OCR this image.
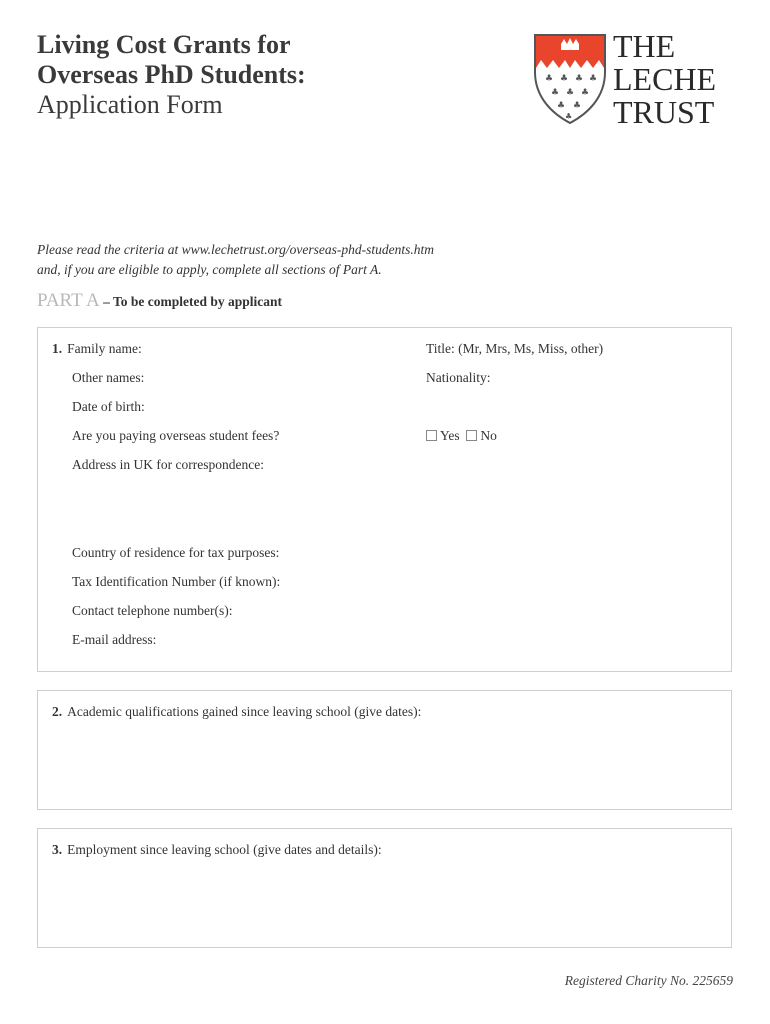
Living Cost Grants for
Overseas PhD Students:
Application Form
♣ ♣ ♣ ♣
♣ ♣ ♣
♣ ♣
♣
THE
LECHE
TRUST
Please read the criteria at www.lechetrust.org/overseas-phd-students.htm
and, if you are eligible to apply, complete all sections of Part A.
PART A – To be completed by applicant
1. Family name:	Title: (Mr, Mrs, Ms, Miss, other)
Other names:	Nationality:
Date of birth:
Are you paying overseas student fees?	Yes No
Address in UK for correspondence:
Country of residence for tax purposes:
Tax Identification Number (if known):
Contact telephone number(s):
E-mail address:
2. Academic qualifications gained since leaving school (give dates):
3. Employment since leaving school (give dates and details):
Registered Charity No. 225659
